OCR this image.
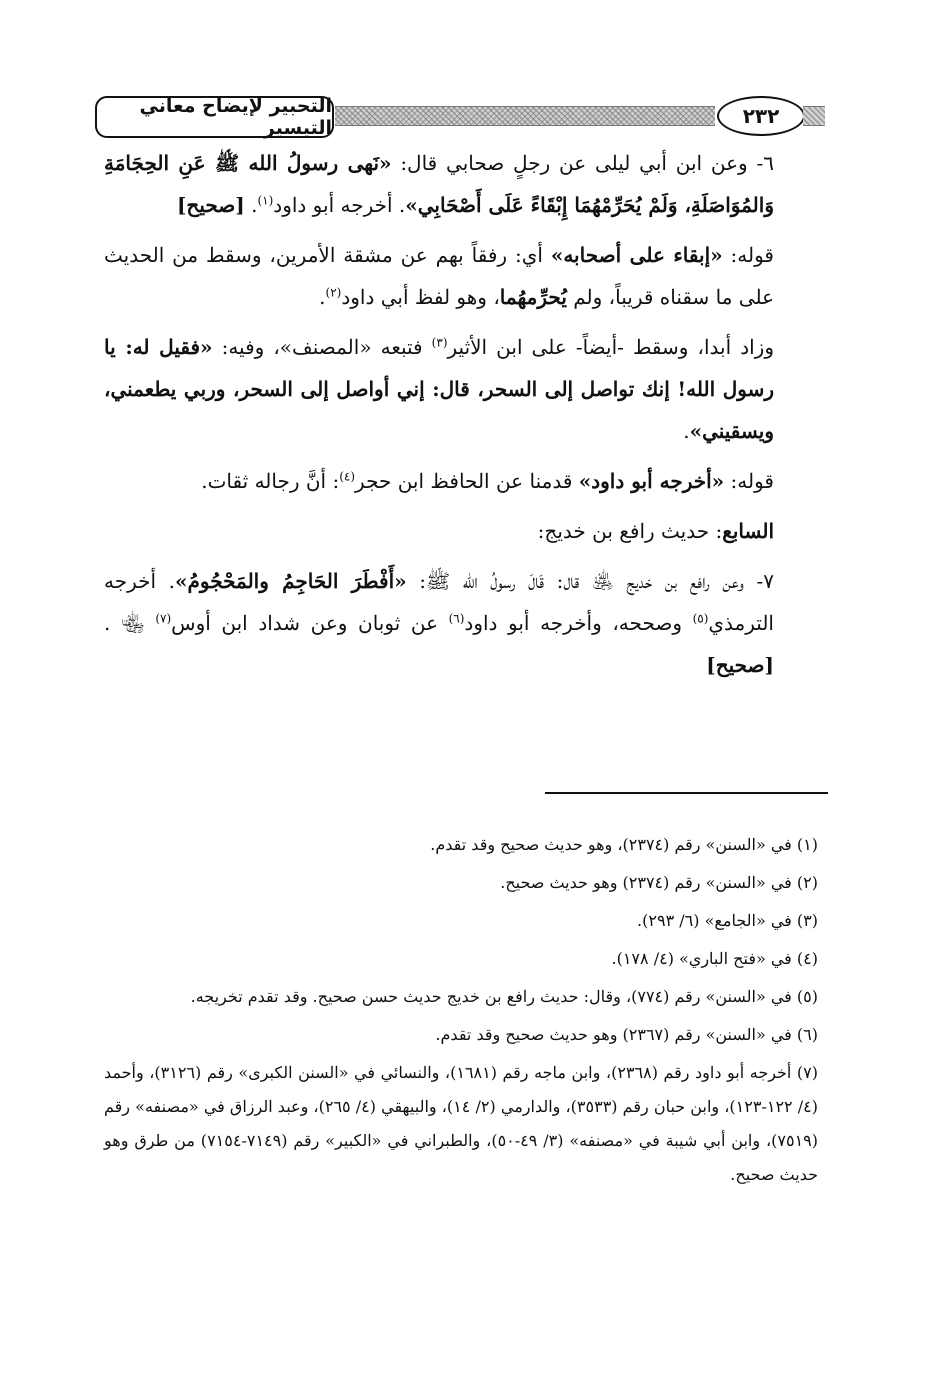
التحبير لإيضاح معاني التيسير	٢٣٢

٦- وعن ابن أبي ليلى عن رجلٍ صحابي قال: «نَهى رسولُ الله ﷺ عَنِ الحِجَامَةِ وَالمُوَاصَلَةِ، وَلَمْ يُحَرِّمْهُمَا إِبْقَاءً عَلَى أَصْحَابِي». أخرجه أبو داود$^{(١)}$. [صحيح]

قوله: «إبقاء على أصحابه» أي: رفقاً بهم عن مشقة الأمرين، وسقط من الحديث على ما سقناه قريباً، ولم يُحرِّمهُما، وهو لفظ أبي داود$^{(٢)}$.

وزاد أبدا، وسقط -أيضاً- على ابن الأثير$^{(٣)}$ فتبعه «المصنف»، وفيه: «فقيل له: يا رسول الله! إنك تواصل إلى السحر، قال: إني أواصل إلى السحر، وربي يطعمني، ويسقيني».

قوله: «أخرجه أبو داود» قدمنا عن الحافظ ابن حجر$^{(٤)}$: أنَّ رجاله ثقات.

السابع: حديث رافع بن خديج:

٧- وعن رافع بن خديج ﵁ قال: قَالَ رسولُ الله ﷺ: «أَفْطَرَ الحَاجِمُ والمَحْجُومُ». أخرجه الترمذي$^{(٥)}$ وصححه، وأخرجه أبو داود$^{(٦)}$ عن ثوبان وعن شداد ابن أوس$^{(٧)}$ ﵄ . [صحيح]

(١) في «السنن» رقم (٢٣٧٤)، وهو حديث صحيح وقد تقدم.

(٢) في «السنن» رقم (٢٣٧٤) وهو حديث صحيح.

(٣) في «الجامع» (٦/ ٢٩٣).

(٤) في «فتح الباري» (٤/ ١٧٨).

(٥) في «السنن» رقم (٧٧٤)، وقال: حديث رافع بن خديج حديث حسن صحيح. وقد تقدم تخريجه.

(٦) في «السنن» رقم (٢٣٦٧) وهو حديث صحيح وقد تقدم.

(٧) أخرجه أبو داود رقم (٢٣٦٨)، وابن ماجه رقم (١٦٨١)، والنسائي في «السنن الكبرى» رقم (٣١٢٦)، وأحمد (٤/ ١٢٢-١٢٣)، وابن حبان رقم (٣٥٣٣)، والدارمي (٢/ ١٤)، والبيهقي (٤/ ٢٦٥)، وعبد الرزاق في «مصنفه» رقم (٧٥١٩)، وابن أبي شيبة في «مصنفه» (٣/ ٤٩-٥٠)، والطبراني في «الكبير» رقم (٧١٤٩-٧١٥٤) من طرق وهو حديث صحيح.
